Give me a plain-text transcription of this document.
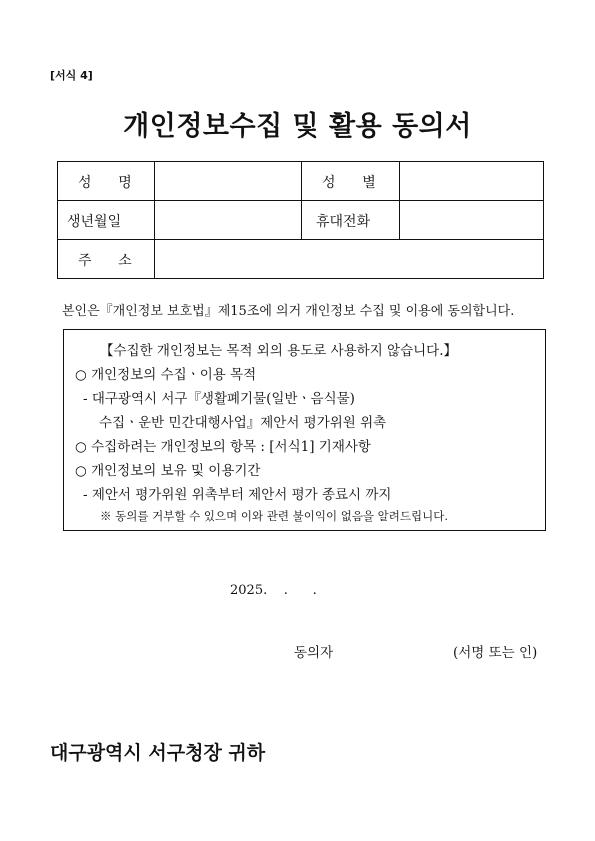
[서식 4]
개인정보수집 및 활용 동의서
성      명	성      별
생년월일	휴대전화
주      소
본인은『개인정보 보호법』제15조에 의거 개인정보 수집 및 이용에 동의합니다.
【수집한 개인정보는 목적 외의 용도로 사용하지 않습니다.】
○ 개인정보의 수집ㆍ이용 목적
- 대구광역시 서구『생활폐기물(일반ㆍ음식물)
수집ㆍ운반 민간대행사업』제안서 평가위원 위촉
○ 수집하려는 개인정보의 항목 : [서식1] 기재사항
○ 개인정보의 보유 및 이용기간
- 제안서 평가위원 위촉부터 제안서 평가 종료시 까지
※ 동의를 거부할 수 있으며 이와 관련 불이익이 없음을 알려드립니다.
2025.    .      .
동의자	(서명 또는 인)
대구광역시 서구청장 귀하
